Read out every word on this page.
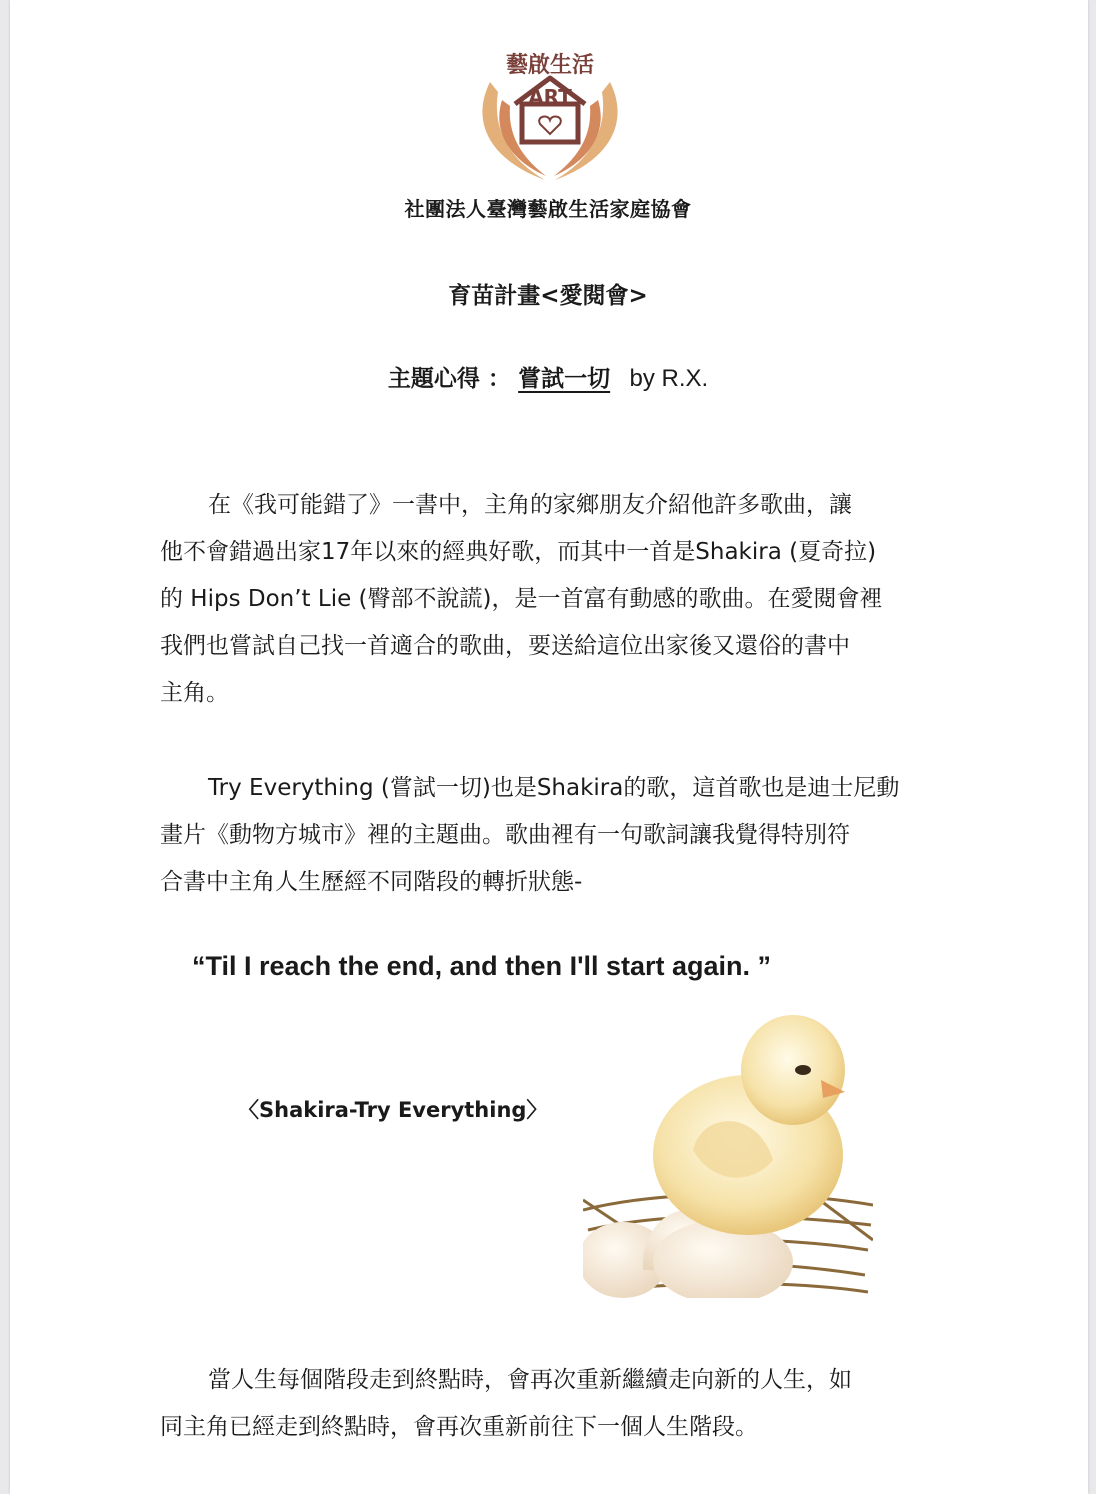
藝啟生活
ART
社團法人臺灣藝啟生活家庭協會
育苗計畫<愛閱會>
主題心得 ： 嘗試一切 by R.X.
在《我可能錯了》一書中，主角的家鄉朋友介紹他許多歌曲，讓
他不會錯過出家17年以來的經典好歌，而其中一首是Shakira (夏奇拉)
的 Hips Don’t Lie (臀部不說謊)，是一首富有動感的歌曲。在愛閱會裡
我們也嘗試自己找一首適合的歌曲，要送給這位出家後又還俗的書中
主角。
Try Everything (嘗試一切)也是Shakira的歌，這首歌也是迪士尼動
畫片《動物方城市》裡的主題曲。歌曲裡有一句歌詞讓我覺得特別符
合書中主角人生歷經不同階段的轉折狀態-
“Til I reach the end, and then I'll start again. ”
〈Shakira-Try Everything〉
當人生每個階段走到終點時，會再次重新繼續走向新的人生，如
同主角已經走到終點時，會再次重新前往下一個人生階段。
